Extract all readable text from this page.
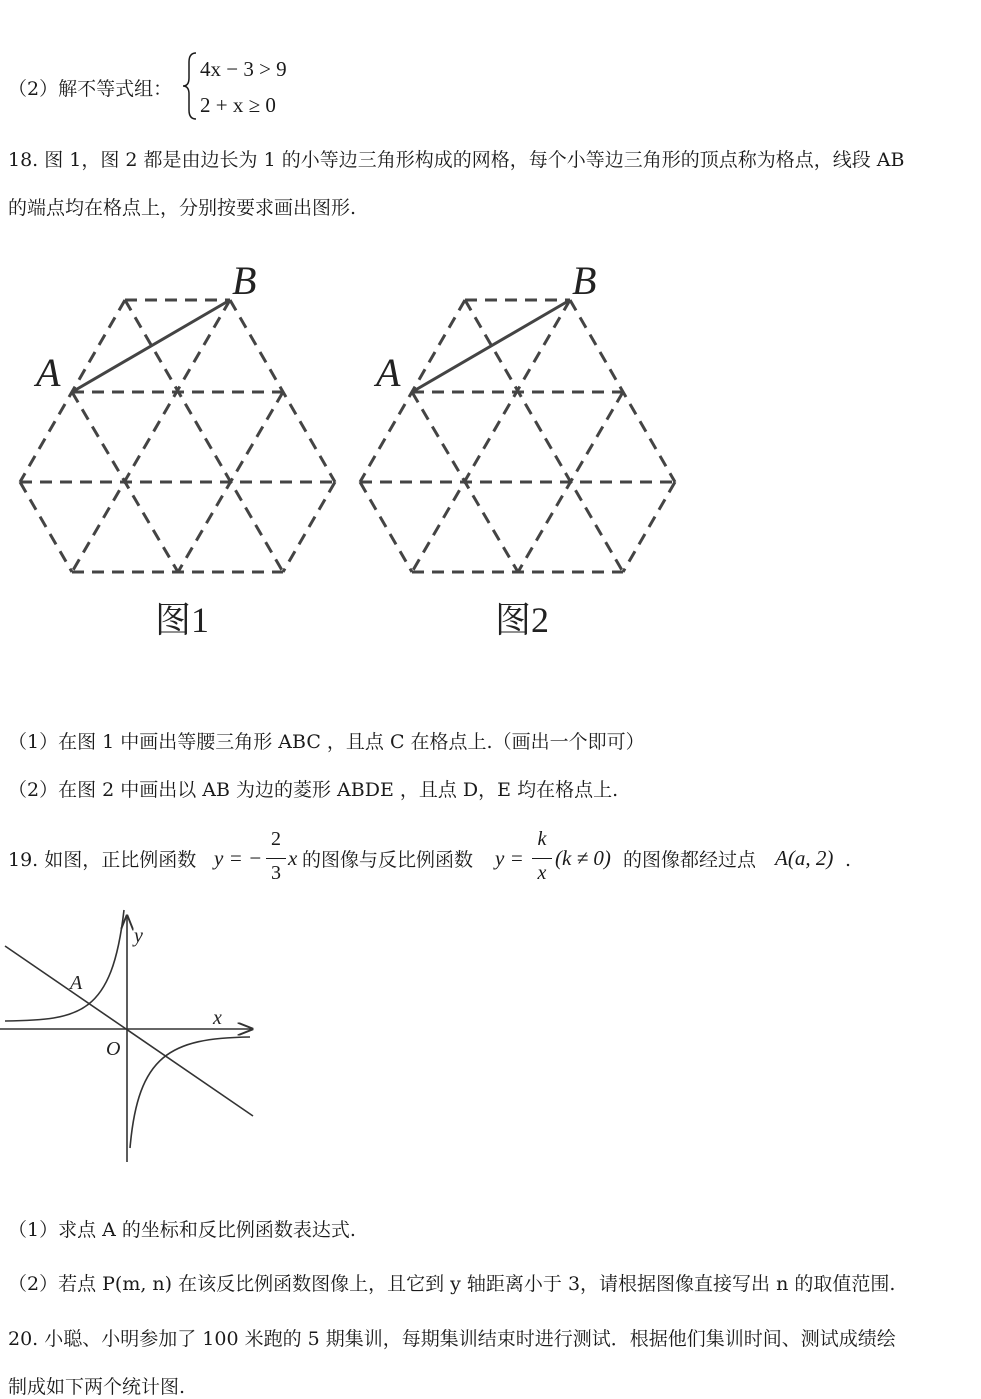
（2）解不等式组：
4x − 3 > 9
2 + x ≥ 0
18. 图 1，图 2 都是由边长为 1 的小等边三角形构成的网格，每个小等边三角形的顶点称为格点，线段 AB
的端点均在格点上，分别按要求画出图形.
A
B
图1
A
B
图2
（1）在图 1 中画出等腰三角形 ABC ，且点 C 在格点上.（画出一个即可）
（2）在图 2 中画出以 AB 为边的菱形 ABDE ，且点 D，E 均在格点上.
19. 如图，正比例函数 y = −
2
3
x 的图像与反比例函数 y =
k
x
(k ≠ 0) 的图像都经过点 A(a, 2) .
y
x
O
A
（1）求点 A 的坐标和反比例函数表达式.
（2）若点 P(m, n) 在该反比例函数图像上，且它到 y 轴距离小于 3，请根据图像直接写出 n 的取值范围.
20. 小聪、小明参加了 100 米跑的 5 期集训，每期集训结束时进行测试．根据他们集训时间、测试成绩绘
制成如下两个统计图.
